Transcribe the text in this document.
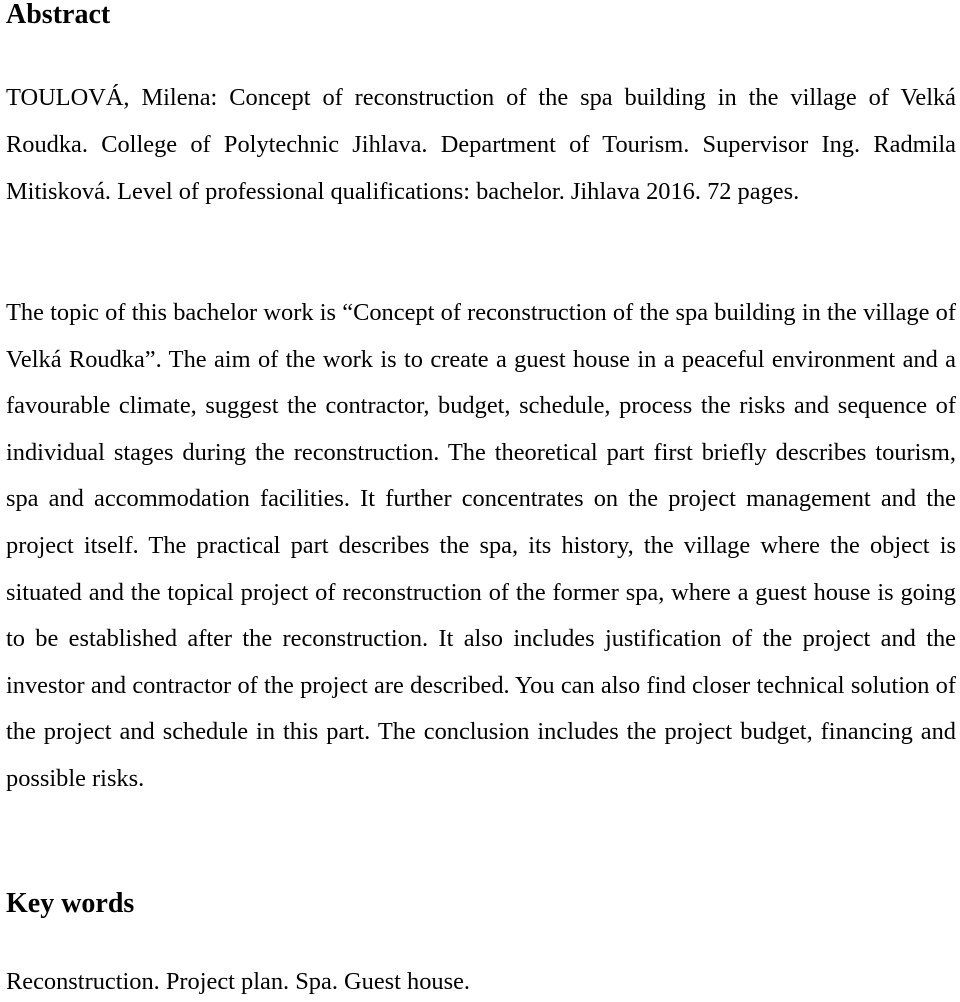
Abstract

TOULOVÁ, Milena: Concept of reconstruction of the spa building in the village of Velká Roudka. College of Polytechnic Jihlava. Department of Tourism. Supervisor Ing. Radmila Mitisková. Level of professional qualifications: bachelor. Jihlava 2016. 72 pages.

The topic of this bachelor work is “Concept of reconstruction of the spa building in the village of Velká Roudka”. The aim of the work is to create a guest house in a peaceful environment and a favourable climate, suggest the contractor, budget, schedule, process the risks and sequence of individual stages during the reconstruction. The theoretical part first briefly describes tourism, spa and accommodation facilities. It further concentrates on the project management and the project itself. The practical part describes the spa, its history, the village where the object is situated and the topical project of reconstruction of the former spa, where a guest house is going to be established after the reconstruction. It also includes justification of the project and the investor and contractor of the project are described. You can also find closer technical solution of the project and schedule in this part. The conclusion includes the project budget, financing and possible risks.

Key words

Reconstruction. Project plan. Spa. Guest house.
